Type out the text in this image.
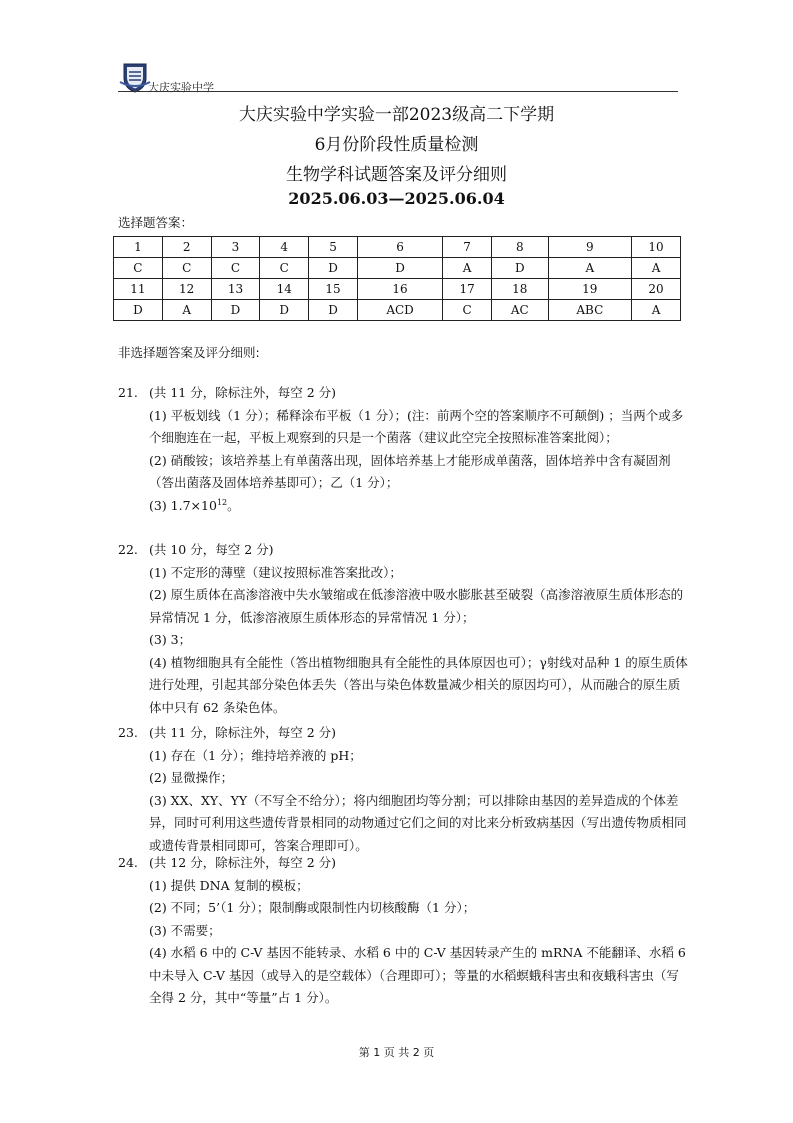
大庆实验中学
大庆实验中学实验一部2023级高二下学期
6月份阶段性质量检测
生物学科试题答案及评分细则
2025.06.03—2025.06.04
选择题答案：
1	2	3	4	5	6	7	8	9	10
C	C	C	C	D	D	A	D	A	A
11	12	13	14	15	16	17	18	19	20
D	A	D	D	D	ACD	C	AC	ABC	A
非选择题答案及评分细则:

21. (共 11 分，除标注外，每空 2 分)

(1) 平板划线（1 分）；稀释涂布平板（1 分）；(注：前两个空的答案顺序不可颠倒) ；当两个或多个细胞连在一起，平板上观察到的只是一个菌落（建议此空完全按照标准答案批阅）；

(2) 硝酸铵；该培养基上有单菌落出现，固体培养基上才能形成单菌落，固体培养中含有凝固剂（答出菌落及固体培养基即可）；乙（1 分）；

(3) $1.7\times 10^{12}$。

22. (共 10 分，每空 2 分)

(1) 不定形的薄壁（建议按照标准答案批改）；

(2) 原生质体在高渗溶液中失水皱缩或在低渗溶液中吸水膨胀甚至破裂（高渗溶液原生质体形态的异常情况 1 分，低渗溶液原生质体形态的异常情况 1 分）；

(3) 3；

(4) 植物细胞具有全能性（答出植物细胞具有全能性的具体原因也可）；γ射线对品种 1 的原生质体进行处理，引起其部分染色体丢失（答出与染色体数量减少相关的原因均可），从而融合的原生质体中只有 62 条染色体。

23. (共 11 分，除标注外，每空 2 分)

(1) 存在（1 分）；维持培养液的 pH；

(2) 显微操作；

(3) XX、XY、YY（不写全不给分）；将内细胞团均等分割；可以排除由基因的差异造成的个体差异，同时可利用这些遗传背景相同的动物通过它们之间的对比来分析致病基因（写出遗传物质相同或遗传背景相同即可，答案合理即可）。

24. (共 12 分，除标注外，每空 2 分)

(1) 提供 DNA 复制的模板；

(2) 不同；5’（1 分）；限制酶或限制性内切核酸酶（1 分）；

(3) 不需要；

(4) 水稻 6 中的 C-V 基因不能转录、水稻 6 中的 C-V 基因转录产生的 mRNA 不能翻译、水稻 6 中未导入 C-V 基因（或导入的是空载体）（合理即可）；等量的水稻螟蛾科害虫和夜蛾科害虫（写全得 2 分，其中“等量”占 1 分）。

第 1 页 共 2 页
